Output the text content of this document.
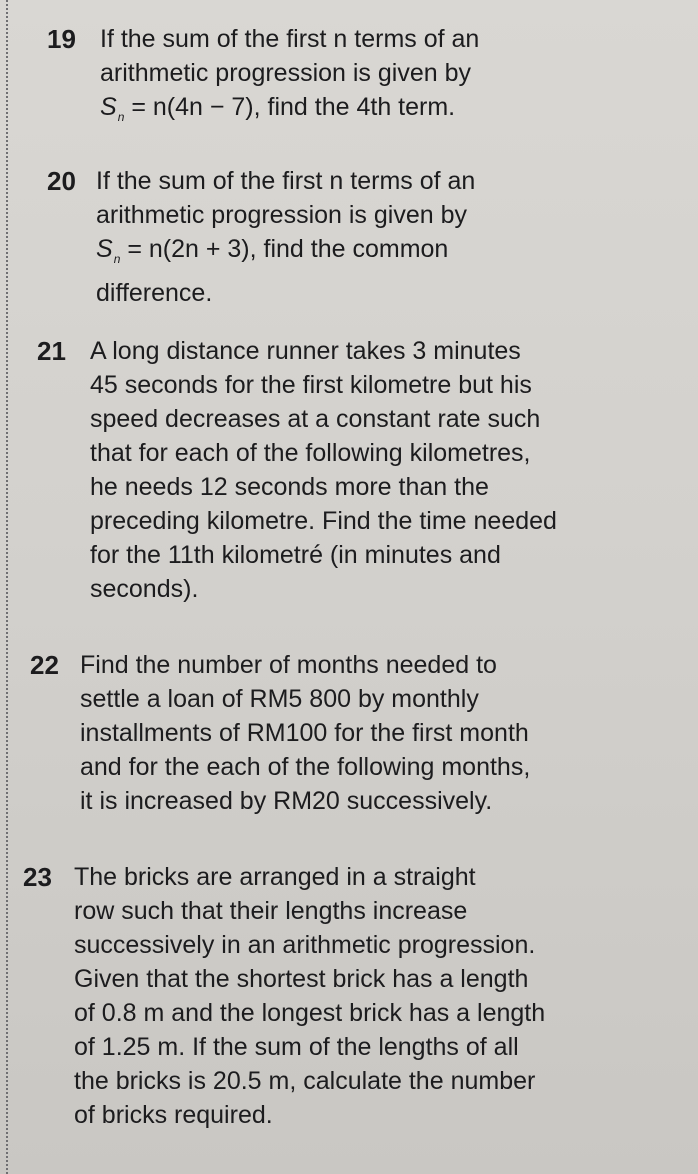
19 If the sum of the first n terms of an
arithmetic progression is given by
$S_n = n(4n - 7)$, find the 4th term.
20 If the sum of the first n terms of an
arithmetic progression is given by
$S_n = n(2n + 3)$, find the common
difference.
21 A long distance runner takes 3 minutes
45 seconds for the first kilometre but his
speed decreases at a constant rate such
that for each of the following kilometres,
he needs 12 seconds more than the
preceding kilometre. Find the time needed
for the 11th kilometré (in minutes and
seconds).
22 Find the number of months needed to
settle a loan of RM5 800 by monthly
installments of RM100 for the first month
and for the each of the following months,
it is increased by RM20 successively.
23 The bricks are arranged in a straight
row such that their lengths increase
successively in an arithmetic progression.
Given that the shortest brick has a length
of 0.8 m and the longest brick has a length
of 1.25 m. If the sum of the lengths of all
the bricks is 20.5 m, calculate the number
of bricks required.
